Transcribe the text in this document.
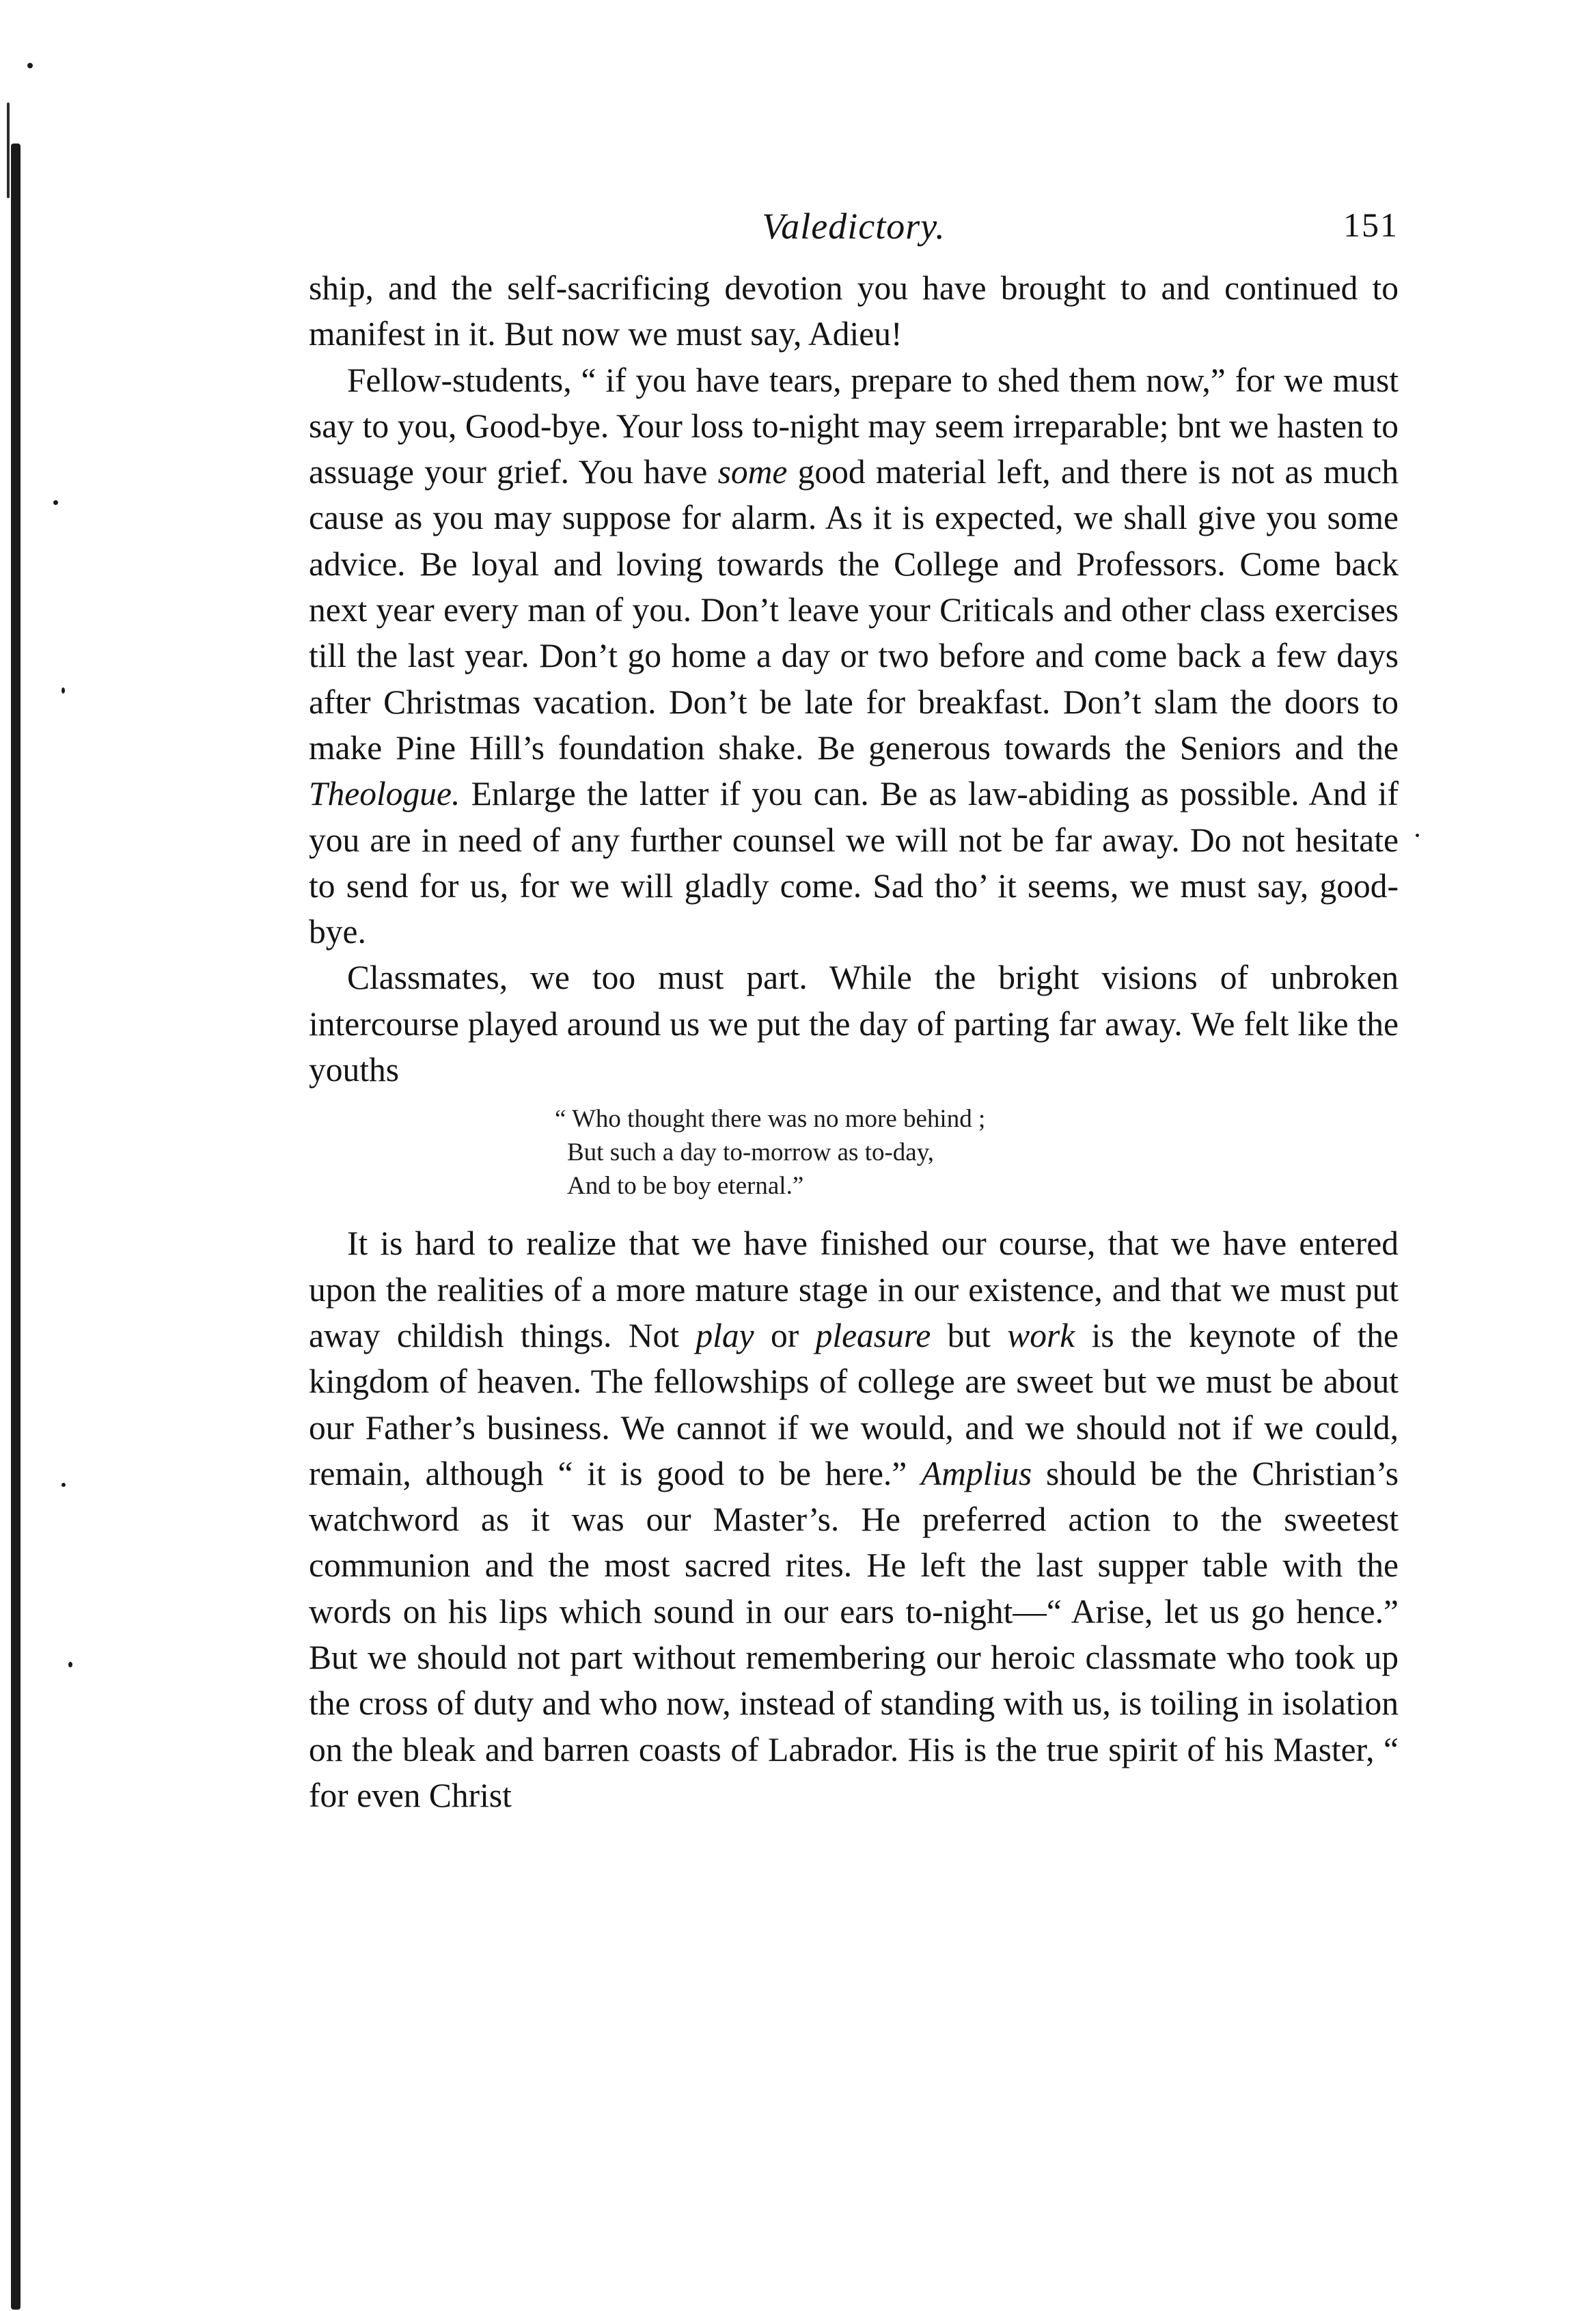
Valedictory.	151

ship, and the self-sacrificing devotion you have brought to and continued to manifest in it. But now we must say, Adieu!

Fellow-students, “ if you have tears, prepare to shed them now,” for we must say to you, Good-bye. Your loss to-night may seem irreparable; bnt we hasten to assuage your grief. You have some good material left, and there is not as much cause as you may suppose for alarm. As it is expected, we shall give you some advice. Be loyal and loving towards the College and Professors. Come back next year every man of you. Don’t leave your Criticals and other class exercises till the last year. Don’t go home a day or two before and come back a few days after Christmas vacation. Don’t be late for breakfast. Don’t slam the doors to make Pine Hill’s foundation shake. Be generous towards the Seniors and the Theologue. Enlarge the latter if you can. Be as law-abiding as possible. And if you are in need of any further counsel we will not be far away. Do not hesitate to send for us, for we will gladly come. Sad tho’ it seems, we must say, good-bye.

Classmates, we too must part. While the bright visions of unbroken intercourse played around us we put the day of parting far away. We felt like the youths

“ Who thought there was no more behind ;
But such a day to-morrow as to-day,
And to be boy eternal.”

It is hard to realize that we have finished our course, that we have entered upon the realities of a more mature stage in our existence, and that we must put away childish things. Not play or pleasure but work is the keynote of the kingdom of heaven. The fellowships of college are sweet but we must be about our Father’s business. We cannot if we would, and we should not if we could, remain, although “ it is good to be here.” Amplius should be the Christian’s watchword as it was our Master’s. He preferred action to the sweetest communion and the most sacred rites. He left the last supper table with the words on his lips which sound in our ears to-night—“ Arise, let us go hence.” But we should not part without remembering our heroic classmate who took up the cross of duty and who now, instead of standing with us, is toiling in isolation on the bleak and barren coasts of Labrador. His is the true spirit of his Master, “ for even Christ
